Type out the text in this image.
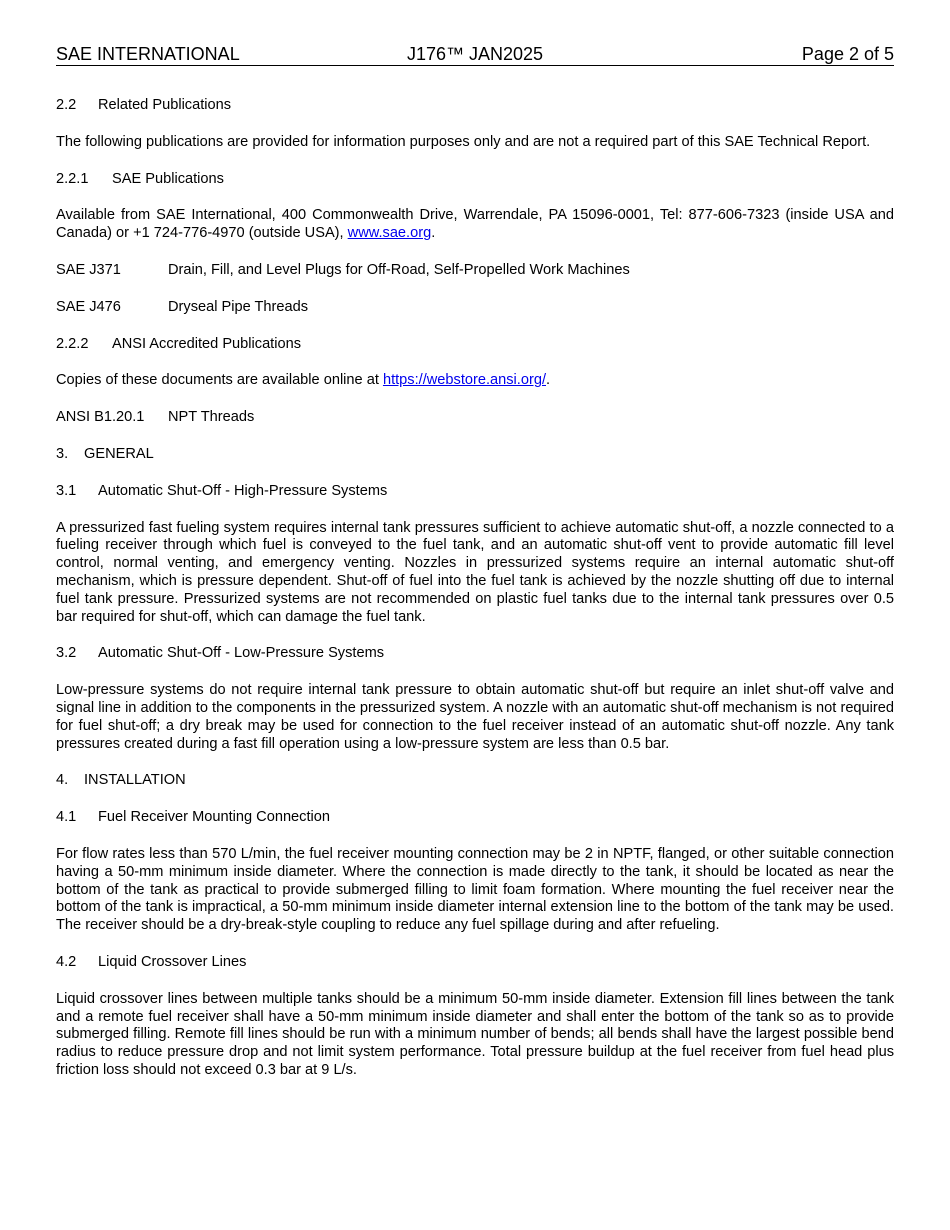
SAE INTERNATIONAL	J176™ JAN2025	Page 2 of 5
2.2	Related Publications
The following publications are provided for information purposes only and are not a required part of this SAE Technical Report.
2.2.1	SAE Publications
Available from SAE International, 400 Commonwealth Drive, Warrendale, PA 15096-0001, Tel: 877-606-7323 (inside USA and Canada) or +1 724-776-4970 (outside USA), www.sae.org.
SAE J371	Drain, Fill, and Level Plugs for Off-Road, Self-Propelled Work Machines
SAE J476	Dryseal Pipe Threads
2.2.2	ANSI Accredited Publications
Copies of these documents are available online at https://webstore.ansi.org/.
ANSI B1.20.1	NPT Threads
3.	GENERAL
3.1	Automatic Shut-Off - High-Pressure Systems
A pressurized fast fueling system requires internal tank pressures sufficient to achieve automatic shut-off, a nozzle connected to a fueling receiver through which fuel is conveyed to the fuel tank, and an automatic shut-off vent to provide automatic fill level control, normal venting, and emergency venting. Nozzles in pressurized systems require an internal automatic shut-off mechanism, which is pressure dependent. Shut-off of fuel into the fuel tank is achieved by the nozzle shutting off due to internal fuel tank pressure. Pressurized systems are not recommended on plastic fuel tanks due to the internal tank pressures over 0.5 bar required for shut-off, which can damage the fuel tank.
3.2	Automatic Shut-Off - Low-Pressure Systems
Low-pressure systems do not require internal tank pressure to obtain automatic shut-off but require an inlet shut-off valve and signal line in addition to the components in the pressurized system. A nozzle with an automatic shut-off mechanism is not required for fuel shut-off; a dry break may be used for connection to the fuel receiver instead of an automatic shut-off nozzle. Any tank pressures created during a fast fill operation using a low-pressure system are less than 0.5 bar.
4.	INSTALLATION
4.1	Fuel Receiver Mounting Connection
For flow rates less than 570 L/min, the fuel receiver mounting connection may be 2 in NPTF, flanged, or other suitable connection having a 50-mm minimum inside diameter. Where the connection is made directly to the tank, it should be located as near the bottom of the tank as practical to provide submerged filling to limit foam formation. Where mounting the fuel receiver near the bottom of the tank is impractical, a 50-mm minimum inside diameter internal extension line to the bottom of the tank may be used. The receiver should be a dry-break-style coupling to reduce any fuel spillage during and after refueling.
4.2	Liquid Crossover Lines
Liquid crossover lines between multiple tanks should be a minimum 50-mm inside diameter. Extension fill lines between the tank and a remote fuel receiver shall have a 50-mm minimum inside diameter and shall enter the bottom of the tank so as to provide submerged filling. Remote fill lines should be run with a minimum number of bends; all bends shall have the largest possible bend radius to reduce pressure drop and not limit system performance. Total pressure buildup at the fuel receiver from fuel head plus friction loss should not exceed 0.3 bar at 9 L/s.
